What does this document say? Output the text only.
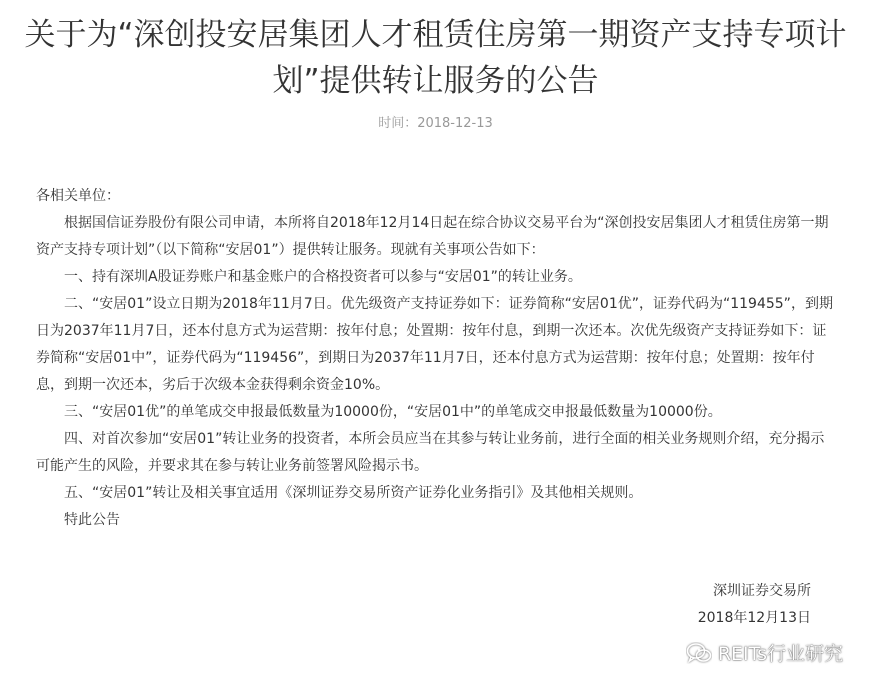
关于为“深创投安居集团人才租赁住房第一期资产支持专项计划”提供转让服务的公告
时间：2018-12-13

各相关单位：

根据国信证券股份有限公司申请，本所将自2018年12月14日起在综合协议交易平台为“深创投安居集团人才租赁住房第一期资产支持专项计划”（以下简称“安居01”）提供转让服务。现就有关事项公告如下：

一、持有深圳A股证券账户和基金账户的合格投资者可以参与“安居01”的转让业务。

二、“安居01”设立日期为2018年11月7日。优先级资产支持证券如下：证券简称“安居01优”，证券代码为“119455”，到期日为2037年11月7日，还本付息方式为运营期：按年付息；处置期：按年付息，到期一次还本。次优先级资产支持证券如下：证券简称“安居01中”，证券代码为“119456”，到期日为2037年11月7日，还本付息方式为运营期：按年付息；处置期：按年付息，到期一次还本，劣后于次级本金获得剩余资金10%。

三、“安居01优”的单笔成交申报最低数量为10000份，“安居01中”的单笔成交申报最低数量为10000份。

四、对首次参加“安居01”转让业务的投资者，本所会员应当在其参与转让业务前，进行全面的相关业务规则介绍，充分揭示可能产生的风险，并要求其在参与转让业务前签署风险揭示书。

五、“安居01”转让及相关事宜适用《深圳证券交易所资产证券化业务指引》及其他相关规则。

特此公告

深圳证券交易所
2018年12月13日
REITs行业研究
